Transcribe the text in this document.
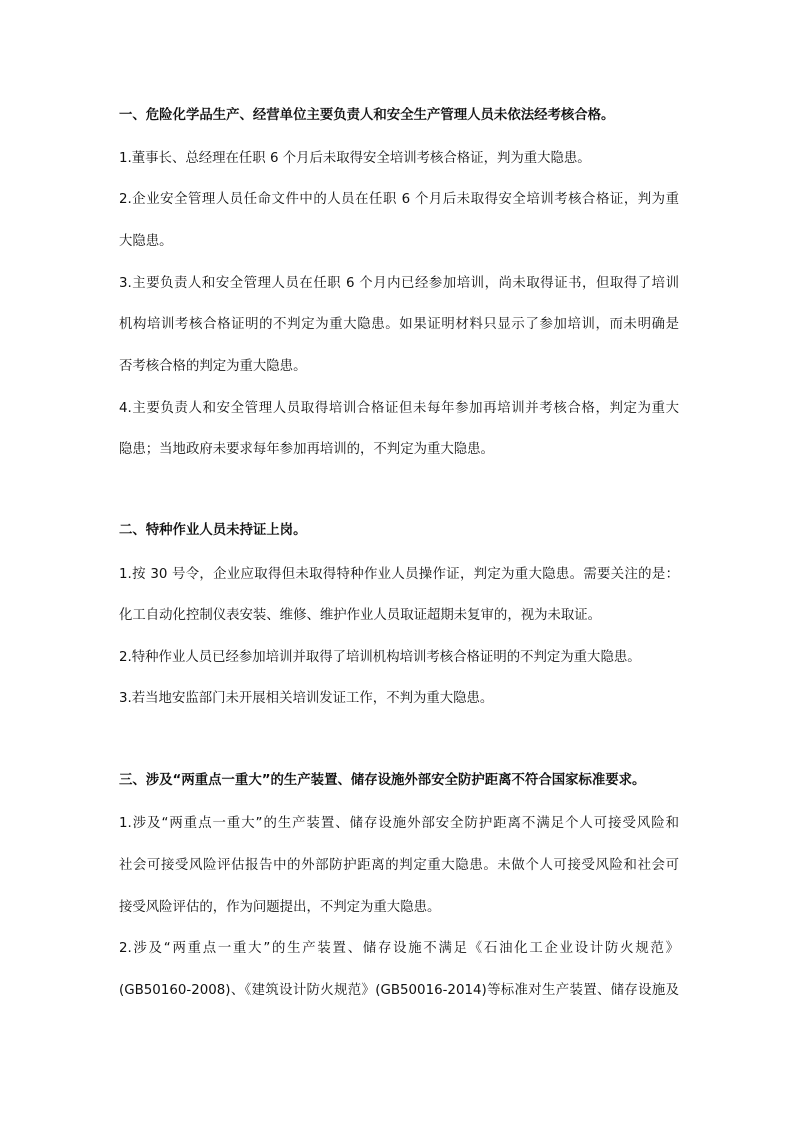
一、危险化学品生产、经营单位主要负责人和安全生产管理人员未依法经考核合格。
1.董事长、总经理在任职 6 个月后未取得安全培训考核合格证，判为重大隐患。
2.企业安全管理人员任命文件中的人员在任职 6 个月后未取得安全培训考核合格证，判为重
大隐患。
3.主要负责人和安全管理人员在任职 6 个月内已经参加培训，尚未取得证书，但取得了培训
机构培训考核合格证明的不判定为重大隐患。如果证明材料只显示了参加培训，而未明确是
否考核合格的判定为重大隐患。
4.主要负责人和安全管理人员取得培训合格证但未每年参加再培训并考核合格，判定为重大
隐患；当地政府未要求每年参加再培训的，不判定为重大隐患。
二、特种作业人员未持证上岗。
1.按 30 号令，企业应取得但未取得特种作业人员操作证，判定为重大隐患。需要关注的是：
化工自动化控制仪表安装、维修、维护作业人员取证超期未复审的，视为未取证。
2.特种作业人员已经参加培训并取得了培训机构培训考核合格证明的不判定为重大隐患。
3.若当地安监部门未开展相关培训发证工作，不判为重大隐患。
三、涉及“两重点一重大”的生产装置、储存设施外部安全防护距离不符合国家标准要求。
1.涉及“两重点一重大”的生产装置、储存设施外部安全防护距离不满足个人可接受风险和
社会可接受风险评估报告中的外部防护距离的判定重大隐患。未做个人可接受风险和社会可
接受风险评估的，作为问题提出，不判定为重大隐患。
2.涉及“两重点一重大”的生产装置、储存设施不满足《石油化工企业设计防火规范》
(GB50160-2008)、《建筑设计防火规范》(GB50016-2014)等标准对生产装置、储存设施及
